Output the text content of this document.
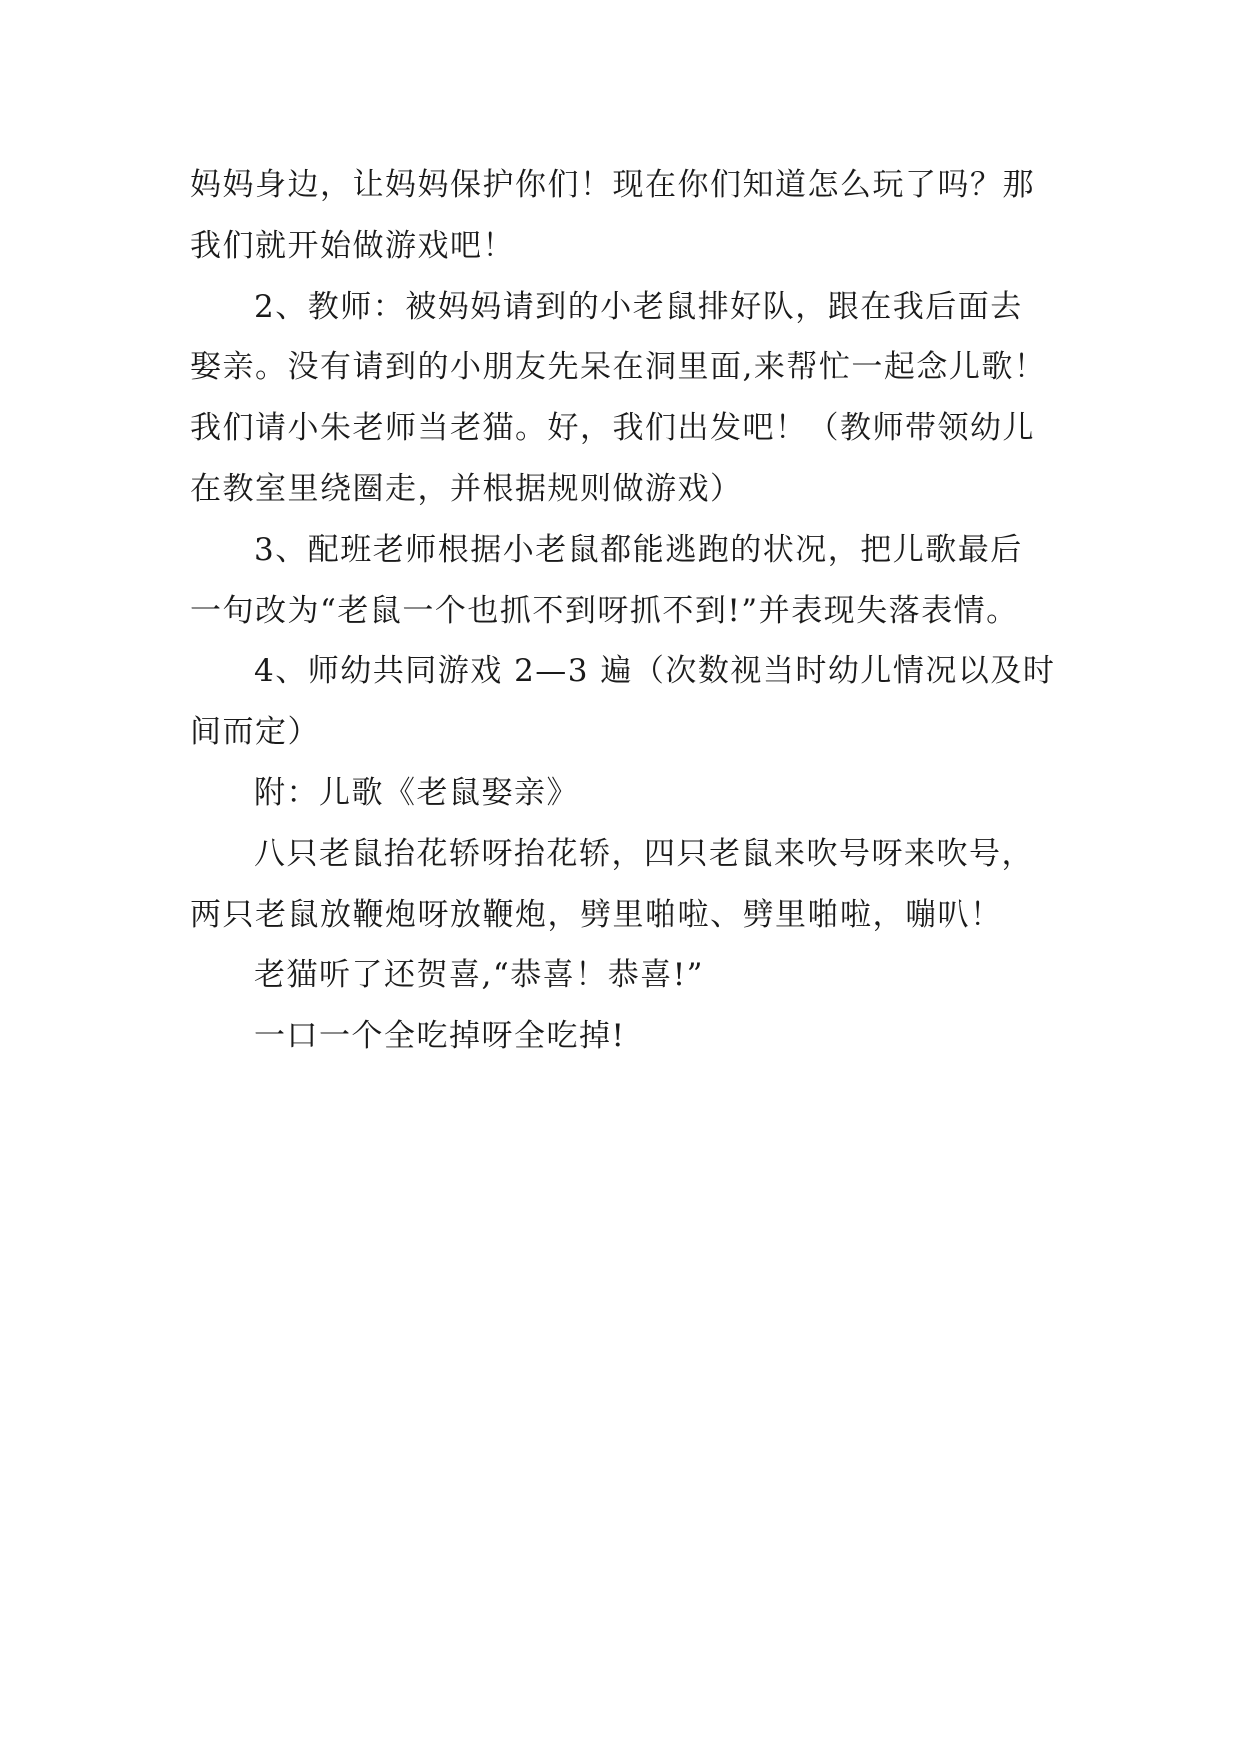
妈妈身边，让妈妈保护你们！现在你们知道怎么玩了吗？那
我们就开始做游戏吧！
2、教师：被妈妈请到的小老鼠排好队，跟在我后面去
娶亲。没有请到的小朋友先呆在洞里面,来帮忙一起念儿歌！
我们请小朱老师当老猫。好，我们出发吧！（教师带领幼儿
在教室里绕圈走，并根据规则做游戏）
3、配班老师根据小老鼠都能逃跑的状况，把儿歌最后
一句改为“老鼠一个也抓不到呀抓不到!”并表现失落表情。
4、师幼共同游戏 2—3 遍（次数视当时幼儿情况以及时
间而定）
附：儿歌《老鼠娶亲》
八只老鼠抬花轿呀抬花轿，四只老鼠来吹号呀来吹号，
两只老鼠放鞭炮呀放鞭炮，劈里啪啦、劈里啪啦，嘣叭！
老猫听了还贺喜,“恭喜！恭喜!”
一口一个全吃掉呀全吃掉!
